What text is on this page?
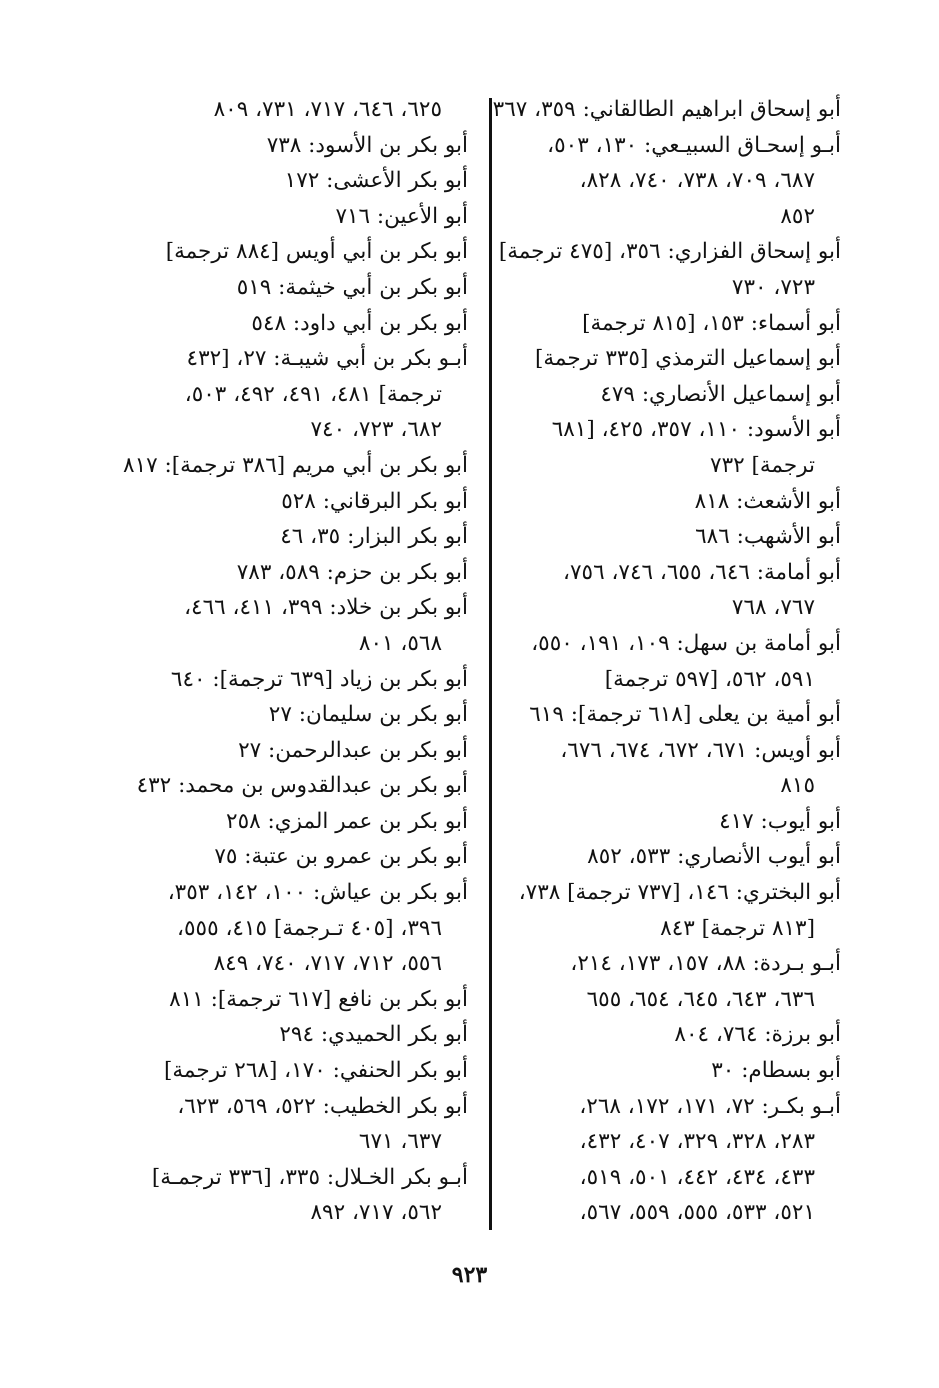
أبو إسحاق ابراهيم الطالقاني: ٣٥٩، ٣٦٧
أبـو إسحـاق السبيـعي: ١٣٠، ٥٠٣،
٦٨٧، ٧٠٩، ٧٣٨، ٧٤٠، ٨٢٨،
٨٥٢
أبو إسحاق الفزاري: ٣٥٦، [٤٧٥ ترجمة]
٧٢٣، ٧٣٠
أبو أسماء: ١٥٣، [٨١٥ ترجمة]
أبو إسماعيل الترمذي [٣٣٥ ترجمة]
أبو إسماعيل الأنصاري: ٤٧٩
أبو الأسود: ١١٠، ٣٥٧، ٤٢٥، [٦٨١
ترجمة] ٧٣٢
أبو الأشعث: ٨١٨
أبو الأشهب: ٦٨٦
أبو أمامة: ٦٤٦، ٦٥٥، ٧٤٦، ٧٥٦،
٧٦٧، ٧٦٨
أبو أمامة بن سهل: ١٠٩، ١٩١، ٥٥٠،
٥٩١، ٥٦٢، [٥٩٧ ترجمة]
أبو أمية بن يعلى [٦١٨ ترجمة]: ٦١٩
أبو أويس: ٦٧١، ٦٧٢، ٦٧٤، ٦٧٦،
٨١٥
أبو أيوب: ٤١٧
أبو أيوب الأنصاري: ٥٣٣، ٨٥٢
أبو البختري: ١٤٦، [٧٣٧ ترجمة] ٧٣٨،
[٨١٣ ترجمة] ٨٤٣
أبـو بـردة: ٨٨، ١٥٧، ١٧٣، ٢١٤،
٦٣٦، ٦٤٣، ٦٤٥، ٦٥٤، ٦٥٥
أبو برزة: ٧٦٤، ٨٠٤
أبو بسطام: ٣٠
أبـو بكـر: ٧٢، ١٧١، ١٧٢، ٢٦٨،
٢٨٣، ٣٢٨، ٣٢٩، ٤٠٧، ٤٣٢،
٤٣٣، ٤٣٤، ٤٤٢، ٥٠١، ٥١٩،
٥٢١، ٥٣٣، ٥٥٥، ٥٥٩، ٥٦٧،
٦٢٥، ٦٤٦، ٧١٧، ٧٣١، ٨٠٩
أبو بكر بن الأسود: ٧٣٨
أبو بكر الأعشى: ١٧٢
أبو الأعين: ٧١٦
أبو بكر بن أبي أويس [٨٨٤ ترجمة]
أبو بكر بن أبي خيثمة: ٥١٩
أبو بكر بن أبي داود: ٥٤٨
أبـو بكر بن أبي شيبـة: ٢٧، [٤٣٢
ترجمة] ٤٨١، ٤٩١، ٤٩٢، ٥٠٣،
٦٨٢، ٧٢٣، ٧٤٠
أبو بكر بن أبي مريم [٣٨٦ ترجمة]: ٨١٧
أبو بكر البرقاني: ٥٢٨
أبو بكر البزار: ٣٥، ٤٦
أبو بكر بن حزم: ٥٨٩، ٧٨٣
أبو بكر بن خلاد: ٣٩٩، ٤١١، ٤٦٦،
٥٦٨، ٨٠١
أبو بكر بن زياد [٦٣٩ ترجمة]: ٦٤٠
أبو بكر بن سليمان: ٢٧
أبو بكر بن عبدالرحمن: ٢٧
أبو بكر بن عبدالقدوس بن محمد: ٤٣٢
أبو بكر بن عمر المزي: ٢٥٨
أبو بكر بن عمرو بن عتبة: ٧٥
أبو بكر بن عياش: ١٠٠، ١٤٢، ٣٥٣،
٣٩٦، [٤٠٥ تـرجمة] ٤١٥، ٥٥٥،
٥٥٦، ٧١٢، ٧١٧، ٧٤٠، ٨٤٩
أبو بكر بن نافع [٦١٧ ترجمة]: ٨١١
أبو بكر الحميدي: ٢٩٤
أبو بكر الحنفي: ١٧٠، [٢٦٨ ترجمة]
أبو بكر الخطيب: ٥٢٢، ٥٦٩، ٦٢٣،
٦٣٧، ٦٧١
أبـو بكر الخـلال: ٣٣٥، [٣٣٦ ترجمـة]
٥٦٢، ٧١٧، ٨٩٢
٩٢٣
